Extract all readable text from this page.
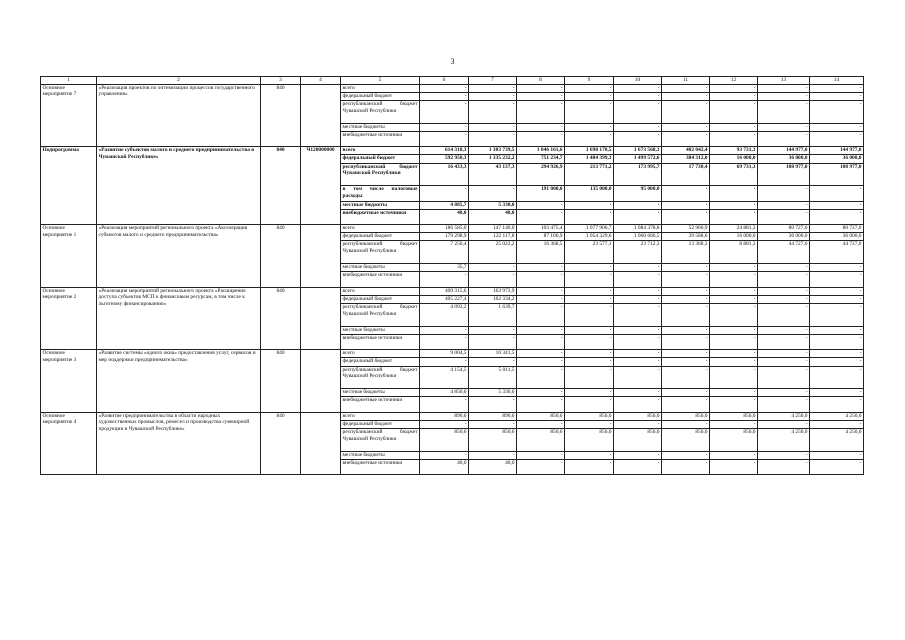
3
1	2	3	4	5	6	7	8	9	10	11	12	13	14
Основное мероприятие 7	«Реализация проектов по оптимизации процессов государственного управления»	840		всего	-	-	-	-	-	-	-	-	-
				федеральный бюджет	-	-	-	-	-	-	-	-	-
				республиканский бюджет Чувашской Республики	-	-	-	-	-	-	-	-	-
				местные бюджеты	-	-	-	-	-	-	-	-	-
				внебюджетные источники	-	-	-	-	-	-	-	-	-
Подпрограмма	«Развитие субъектов малого и среднего предпринимательства в Чувашской Республике»	840	Ч120000000	всего	614 318,3	1 383 739,5	1 046 161,6	1 698 170,5	1 673 568,3	402 042,4	93 731,3	144 977,0	144 977,0
				федеральный бюджет	592 950,3	1 335 232,2	751 234,7	1 484 399,3	1 499 572,6	384 312,0	16 000,0	36 000,0	36 000,0
				республиканский бюджет Чувашской Республики	16 433,3	43 137,3	294 926,9	213 771,2	173 995,7	17 730,4	69 731,3	108 977,0	108 977,0
				в том числе налоговые расходы	-	-	191 000,0	135 000,0	95 000,0	-	-	-	-
				местные бюджеты	4 885,7	5 330,0	-	-	-	-	-	-	-
				внебюджетные источники	40,0	40,0	-	-	-	-	-	-	-
Основное мероприятие 1	«Реализация мероприятий регионального проекта «Акселерация субъектов малого и среднего предпринимательства»	840		всего	186 585,0	147 140,0	103 475,4	1 077 906,7	1 084 378,8	52 966,9	24 881,3	80 727,0	80 727,0
				федеральный бюджет	179 298,9	122 117,8	87 106,9	1 054 329,6	1 060 666,5	39 588,6	16 000,0	36 000,0	36 000,0
				республиканский бюджет Чувашской Республики	7 250,4	25 022,2	16 368,5	23 577,1	23 712,3	13 368,3	8 881,3	44 727,0	44 727,0
				местные бюджеты	35,7	-	-	-	-	-	-	-	-
				внебюджетные источники	-	-	-	-	-	-	-	-	-
Основное мероприятие 2	«Реализация мероприятий регионального проекта «Расширение доступа субъектов МСП к финансовым ресурсам, в том числе к льготному финансированию»	840		всего	409 315,6	163 973,9	-	-	-	-	-	-	-
				федеральный бюджет	405 227,4	162 334,2	-	-	-	-	-	-	-
				республиканский бюджет Чувашской Республики	4 093,2	1 639,7	-	-	-	-	-	-	-
				местные бюджеты	-	-	-	-	-	-	-	-	-
				внебюджетные источники	-	-	-	-	-	-	-	-	-
Основное мероприятие 3	«Развитие системы «одного окна» предоставления услуг, сервисов и мер поддержки предпринимательства»	840		всего	9 004,5	10 341,5	-	-	-	-	-	-	-
				федеральный бюджет	-	-	-	-	-	-	-	-	-
				республиканский бюджет Чувашской Республики	4 154,5	5 011,5	-	-	-	-	-	-	-
				местные бюджеты	4 850,0	5 330,0	-	-	-	-	-	-	-
				внебюджетные источники	-	-	-	-	-	-	-	-	-
Основное мероприятие 4	«Развитие предпринимательства в области народных художественных промыслов, ремесел и производства сувенирной продукции в Чувашской Республике»	840		всего	890,0	890,0	850,0	850,0	850,0	850,0	850,0	4 250,0	4 250,0
				федеральный бюджет	-	-	-	-	-	-	-	-	-
				республиканский бюджет Чувашской Республики	850,0	850,0	850,0	850,0	850,0	850,0	850,0	4 250,0	4 250,0
				местные бюджеты	-	-	-	-	-	-	-	-	-
				внебюджетные источники	40,0	40,0	-	-	-	-	-	-	-
